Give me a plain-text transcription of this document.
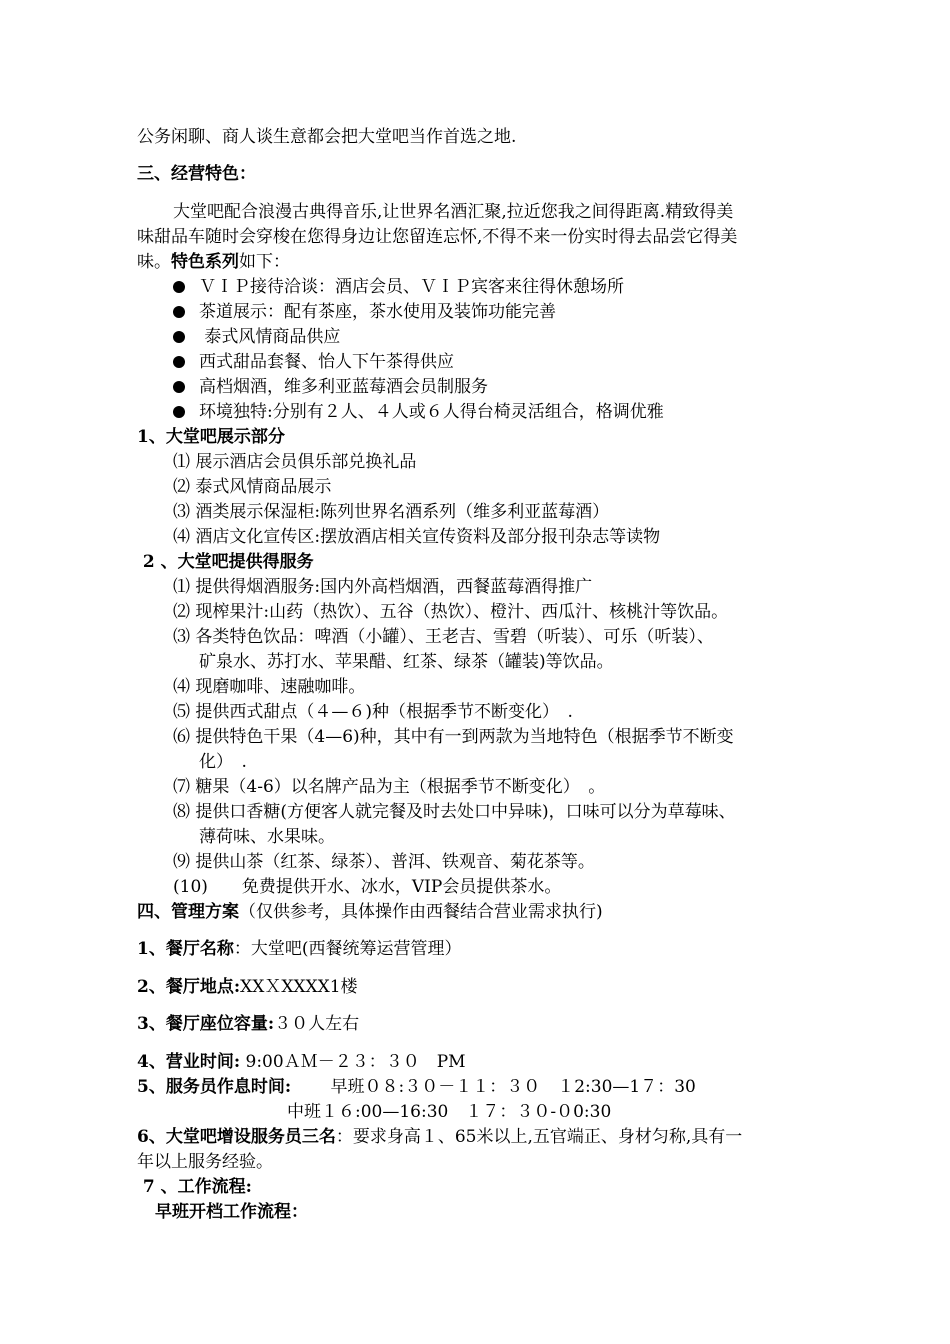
公务闲聊、商人谈生意都会把大堂吧当作首选之地.
三、经营特色：
大堂吧配合浪漫古典得音乐,让世界名酒汇聚,拉近您我之间得距离.精致得美
味甜品车随时会穿梭在您得身边让您留连忘怀,不得不来一份实时得去品尝它得美
味。特色系列如下：
ＶＩＰ接待洽谈：酒店会员、ＶＩＰ宾客来往得休憩场所
茶道展示：配有茶座，茶水使用及装饰功能完善
泰式风情商品供应
西式甜品套餐、怡人下午茶得供应
高档烟酒，维多利亚蓝莓酒会员制服务
环境独特:分别有２人、４人或６人得台椅灵活组合，格调优雅
1、大堂吧展示部分
⑴ 展示酒店会员俱乐部兑换礼品
⑵ 泰式风情商品展示
⑶ 酒类展示保湿柜:陈列世界名酒系列（维多利亚蓝莓酒）
⑷ 酒店文化宣传区:摆放酒店相关宣传资料及部分报刊杂志等读物
2 、大堂吧提供得服务
⑴ 提供得烟酒服务:国内外高档烟酒，西餐蓝莓酒得推广
⑵ 现榨果汁:山药（热饮）、五谷（热饮）、橙汁、西瓜汁、核桃汁等饮品。
⑶ 各类特色饮品：啤酒（小罐）、王老吉、雪碧（听装）、可乐（听装）、
矿泉水、苏打水、苹果醋、红茶、绿茶（罐装)等饮品。
⑷ 现磨咖啡、速融咖啡。
⑸ 提供西式甜点（４—６)种（根据季节不断变化）　.
⑹ 提供特色干果（4—6)种，其中有一到两款为当地特色（根据季节不断变
化）　.
⑺ 糖果（4-6）以名牌产品为主（根据季节不断变化）　。
⑻ 提供口香糖(方便客人就完餐及时去处口中异味)，口味可以分为草莓味、
薄荷味、水果味。
⑼ 提供山茶（红茶、绿茶）、普洱、铁观音、菊花茶等。
(10)　　免费提供开水、冰水，VIP会员提供茶水。
四、管理方案（仅供参考，具体操作由西餐结合营业需求执行)
1、餐厅名称：大堂吧(西餐统筹运营管理）
2、餐厅地点:XXＸXXXX1楼
3、餐厅座位容量:３０人左右
4、营业时间: 9:00ＡＭ－２３：３０　PM
5、服务员作息时间:　　 早班０８:３０－１１：３０　１2:30—1７：30
中班１６:00—16:30　１７：３０-０0:30
6、大堂吧增设服务员三名：要求身高１、65米以上,五官端正、身材匀称,具有一
年以上服务经验。
7 、工作流程:
早班开档工作流程：
